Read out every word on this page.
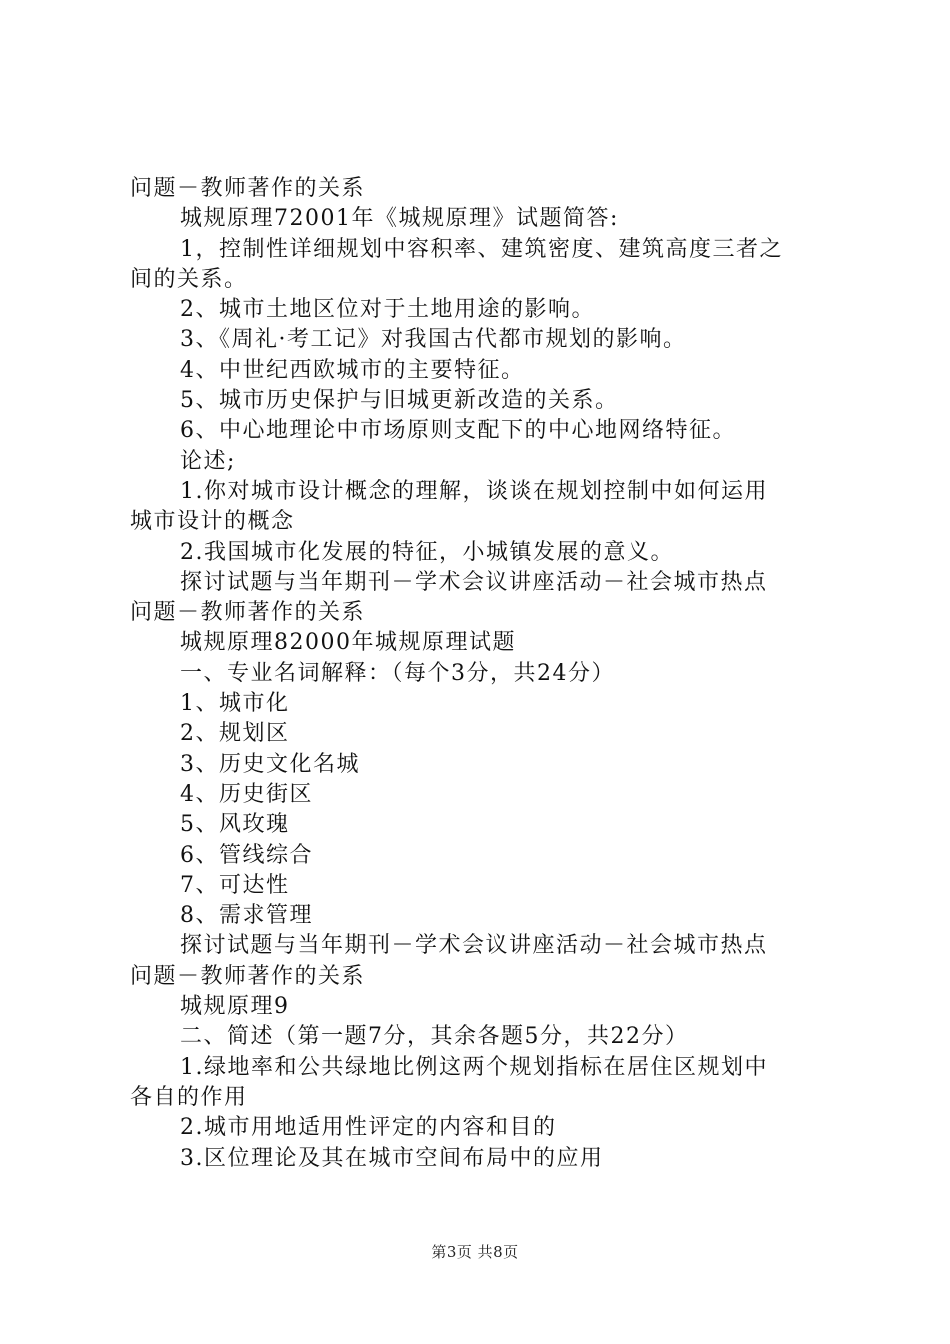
问题－教师著作的关系
城规原理72001年《城规原理》试题简答:
1，控制性详细规划中容积率、建筑密度、建筑高度三者之
间的关系。
2、城市土地区位对于土地用途的影响。
3、《周礼·考工记》对我国古代都市规划的影响。
4、中世纪西欧城市的主要特征。
5、城市历史保护与旧城更新改造的关系。
6、中心地理论中市场原则支配下的中心地网络特征。
论述;
1.你对城市设计概念的理解，谈谈在规划控制中如何运用
城市设计的概念
2.我国城市化发展的特征，小城镇发展的意义。
探讨试题与当年期刊－学术会议讲座活动－社会城市热点
问题－教师著作的关系
城规原理82000年城规原理试题
一、专业名词解释：（每个3分，共24分）
1、城市化
2、规划区
3、历史文化名城
4、历史街区
5、风玫瑰
6、管线综合
7、可达性
8、需求管理
探讨试题与当年期刊－学术会议讲座活动－社会城市热点
问题－教师著作的关系
城规原理9
二、简述（第一题7分，其余各题5分，共22分）
1.绿地率和公共绿地比例这两个规划指标在居住区规划中
各自的作用
2.城市用地适用性评定的内容和目的
3.区位理论及其在城市空间布局中的应用
第3页 共8页
